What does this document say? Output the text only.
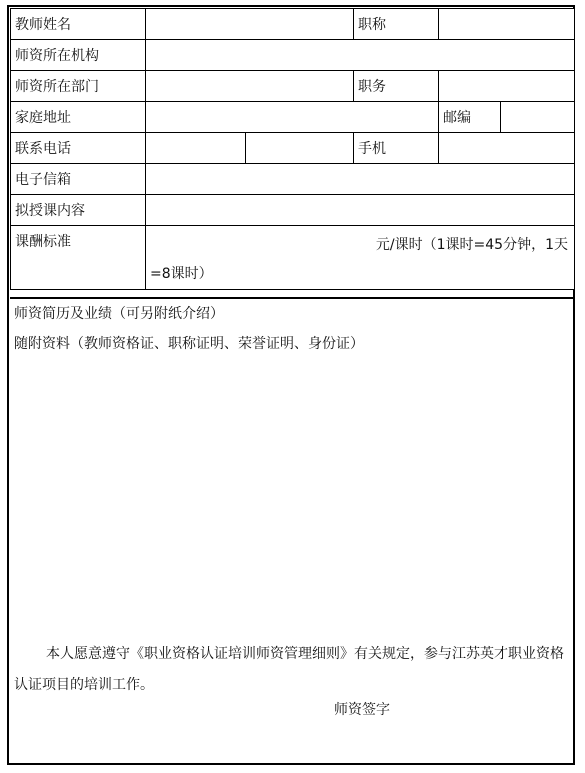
教师姓名			职称		
师资所在机构					
师资所在部门			职务		
家庭地址				邮编	
联系电话			手机		
电子信箱					
拟授课内容					
课酬标准	元/课时（1课时=45分钟，1天
=8课时）				

师资简历及业绩（可另附纸介绍）

随附资料（教师资格证、职称证明、荣誉证明、身份证）

本人愿意遵守《职业资格认证培训师资管理细则》有关规定，参与江苏英才职业资格认证项目的培训工作。
师资签字
